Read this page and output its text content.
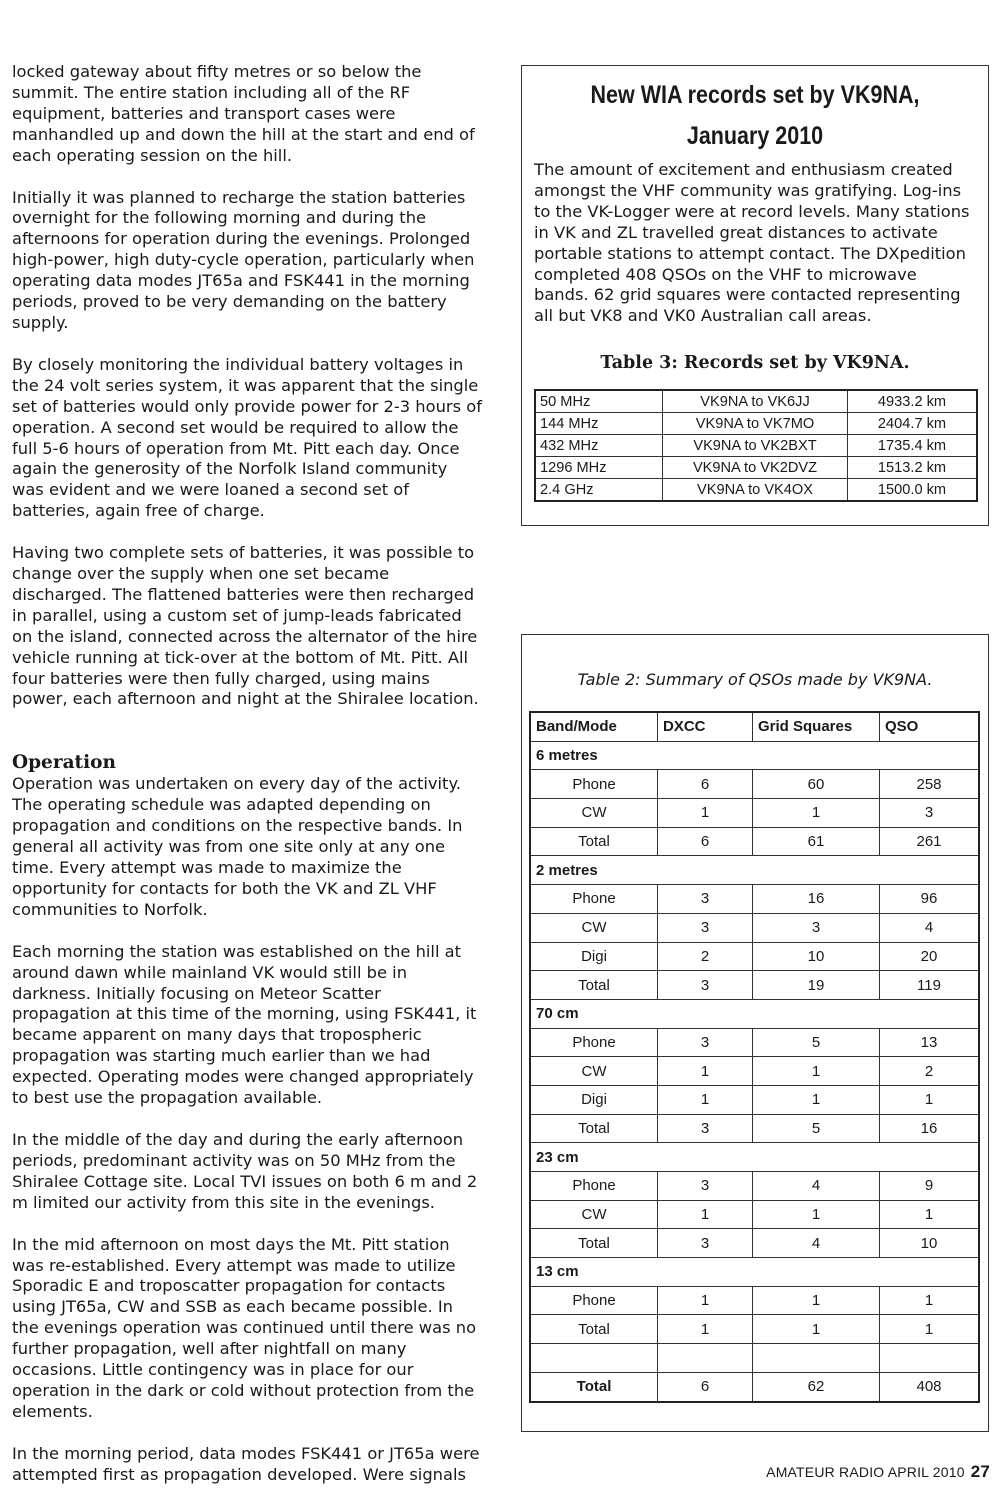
locked gateway about fifty metres or so below the summit. The entire station including all of the RF equipment, batteries and transport cases were manhandled up and down the hill at the start and end of each operating session on the hill.

Initially it was planned to recharge the station batteries overnight for the following morning and during the afternoons for operation during the evenings. Prolonged high-power, high duty-cycle operation, particularly when operating data modes JT65a and FSK441 in the morning periods, proved to be very demanding on the battery supply.

By closely monitoring the individual battery voltages in the 24 volt series system, it was apparent that the single set of batteries would only provide power for 2-3 hours of operation. A second set would be required to allow the full 5-6 hours of operation from Mt. Pitt each day. Once again the generosity of the Norfolk Island community was evident and we were loaned a second set of batteries, again free of charge.

Having two complete sets of batteries, it was possible to change over the supply when one set became discharged. The flattened batteries were then recharged in parallel, using a custom set of jump-leads fabricated on the island, connected across the alternator of the hire vehicle running at tick-over at the bottom of Mt. Pitt. All four batteries were then fully charged, using mains power, each afternoon and night at the Shiralee location.

Operation

Operation was undertaken on every day of the activity. The operating schedule was adapted depending on propagation and conditions on the respective bands. In general all activity was from one site only at any one time. Every attempt was made to maximize the opportunity for contacts for both the VK and ZL VHF communities to Norfolk.

Each morning the station was established on the hill at around dawn while mainland VK would still be in darkness. Initially focusing on Meteor Scatter propagation at this time of the morning, using FSK441, it became apparent on many days that tropospheric propagation was starting much earlier than we had expected. Operating modes were changed appropriately to best use the propagation available.

In the middle of the day and during the early afternoon periods, predominant activity was on 50 MHz from the Shiralee Cottage site. Local TVI issues on both 6 m and 2 m limited our activity from this site in the evenings.

In the mid afternoon on most days the Mt. Pitt station was re-established. Every attempt was made to utilize Sporadic E and troposcatter propagation for contacts using JT65a, CW and SSB as each became possible. In the evenings operation was continued until there was no further propagation, well after nightfall on many occasions. Little contingency was in place for our operation in the dark or cold without protection from the elements.

In the morning period, data modes FSK441 or JT65a were attempted first as propagation developed. Were signals

New WIA records set by VK9NA,
January 2010
The amount of excitement and enthusiasm created amongst the VHF community was gratifying. Log-ins to the VK-Logger were at record levels. Many stations in VK and ZL travelled great distances to activate portable stations to attempt contact. The DXpedition completed 408 QSOs on the VHF to microwave bands. 62 grid squares were contacted representing all but VK8 and VK0 Australian call areas.
Table 3: Records set by VK9NA.
50 MHz	VK9NA to VK6JJ	4933.2 km
144 MHz	VK9NA to VK7MO	2404.7 km
432 MHz	VK9NA to VK2BXT	1735.4 km
1296 MHz	VK9NA to VK2DVZ	1513.2 km
2.4 GHz	VK9NA to VK4OX	1500.0 km
Table 2: Summary of QSOs made by VK9NA.
Band/Mode	DXCC	Grid Squares	QSO
6 metres			
Phone	6	60	258
CW	1	1	3
Total	6	61	261
2 metres			
Phone	3	16	96
CW	3	3	4
Digi	2	10	20
Total	3	19	119
70 cm			
Phone	3	5	13
CW	1	1	2
Digi	1	1	1
Total	3	5	16
23 cm			
Phone	3	4	9
CW	1	1	1
Total	3	4	10
13 cm			
Phone	1	1	1
Total	1	1	1

Total	6	62	408
AMATEUR RADIO APRIL 2010 27
